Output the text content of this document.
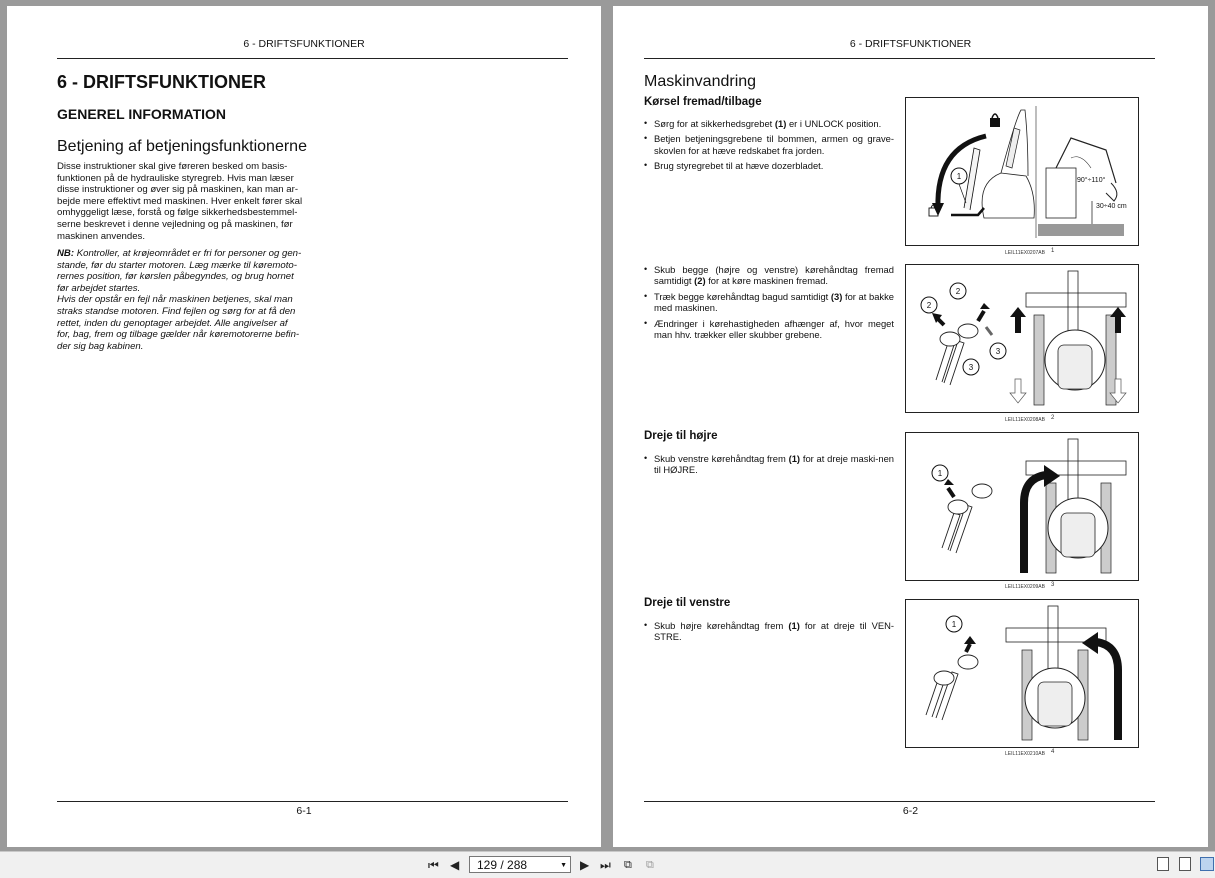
6 - DRIFTSFUNKTIONER
6 - DRIFTSFUNKTIONER
GENEREL INFORMATION
Betjening af betjeningsfunktionerne
Disse instruktioner skal give føreren besked om basis-
funktionen på de hydrauliske styregreb. Hvis man læser
disse instruktioner og øver sig på maskinen, kan man ar-
bejde mere effektivt med maskinen. Hver enkelt fører skal
omhyggeligt læse, forstå og følge sikkerhedsbestemmel-
serne beskrevet i denne vejledning og på maskinen, før
maskinen anvendes.
NB: Kontroller, at krøjeområdet er fri for personer og gen-
stande, før du starter motoren. Læg mærke til køremoto-
rernes position, før kørslen påbegyndes, og brug hornet
før arbejdet startes.
Hvis der opstår en fejl når maskinen betjenes, skal man
straks standse motoren. Find fejlen og sørg for at få den
rettet, inden du genoptager arbejdet. Alle angivelser af
for, bag, frem og tilbage gælder når køremotorerne befin-
der sig bag kabinen.
6-1
6 - DRIFTSFUNKTIONER
Maskinvandring
Kørsel fremad/tilbage
• Sørg for at sikkerhedsgrebet (1) er i UNLOCK position.
• Betjen betjeningsgrebene til bommen, armen og grave-skovlen for at hæve redskabet fra jorden.
• Brug styregrebet til at hæve dozerbladet.
1	90°÷110°
30÷40 cm
LEIL11EX0207AB 1
• Skub begge (højre og venstre) kørehåndtag fremad samtidigt (2) for at køre maskinen fremad.
• Træk begge kørehåndtag bagud samtidigt (3) for at bakke med maskinen.
• Ændringer i kørehastigheden afhænger af, hvor meget man hhv. trækker eller skubber grebene.
2
2
3
3
LEIL11EX0208AB 2
Dreje til højre
• Skub venstre kørehåndtag frem (1) for at dreje maski-nen til HØJRE.	1
LEIL11EX0209AB 3
Dreje til venstre
• Skub højre kørehåndtag frem (1) for at dreje til VEN-STRE.
1
LEIL11EX0210AB 4
6-2
⏮ ◀	129 / 288	▼ ▶ ⏭ ⧉ ⧉
